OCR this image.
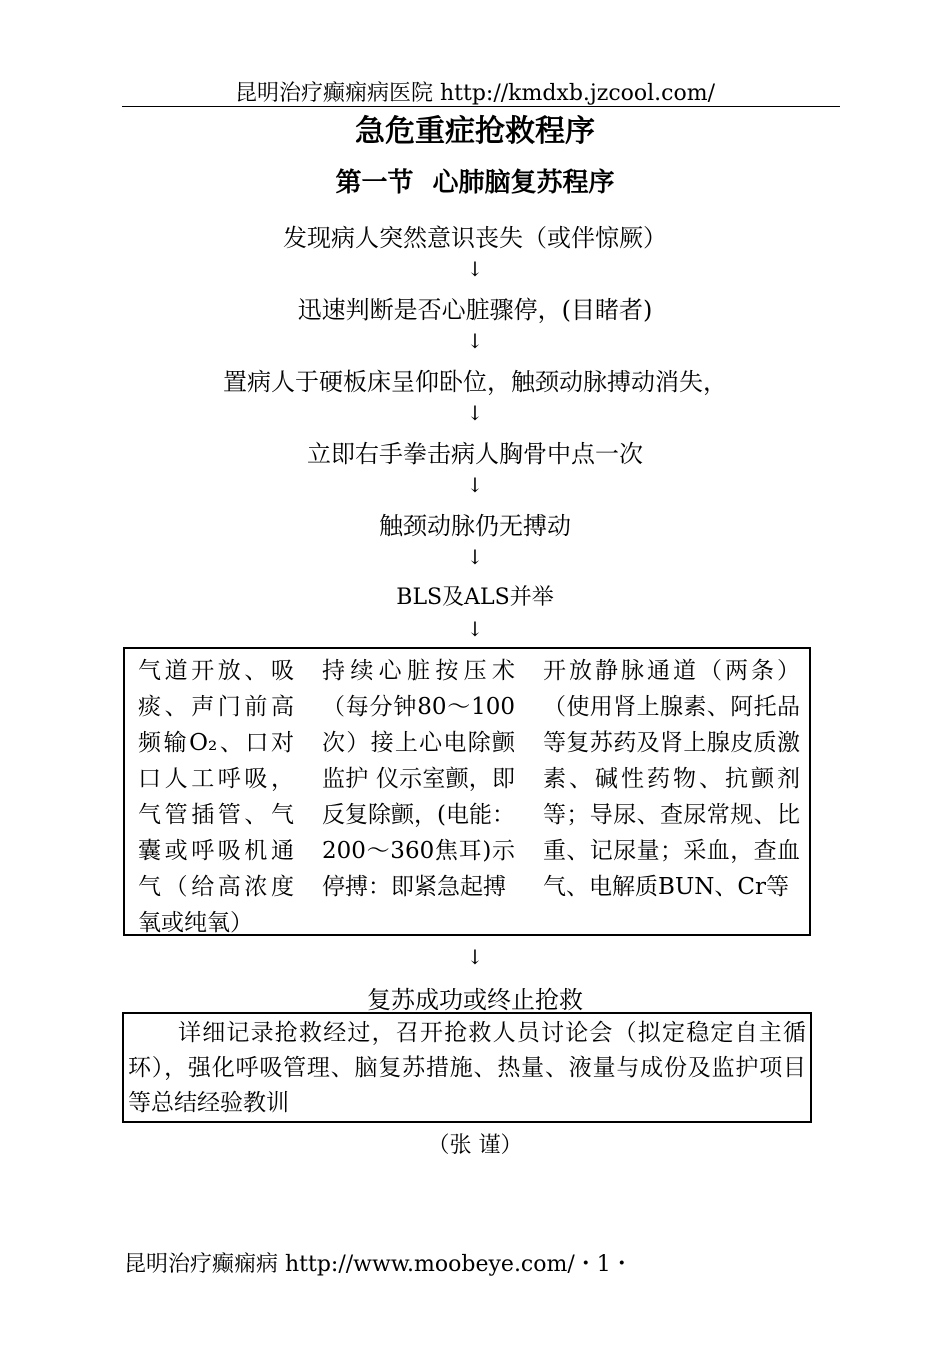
昆明治疗癫痫病医院 http://kmdxb.jzcool.com/
急危重症抢救程序
第一节 心肺脑复苏程序
发现病人突然意识丧失（或伴惊厥）
↓
迅速判断是否心脏骤停，(目睹者)
↓
置病人于硬板床呈仰卧位，触颈动脉搏动消失，
↓
立即右手拳击病人胸骨中点一次
↓
触颈动脉仍无搏动
↓
BLS及ALS并举
↓
气道开放、吸痰、声门前高频输O₂、口对口人工呼吸，气管插管、气囊或呼吸机通气（给高浓度氧或纯氧）
持续心脏按压术（每分钟80～100次）接上心电除颤监护 仪示室颤，即反复除颤，(电能：200～360焦耳)示停搏：即紧急起搏
开放静脉通道（两条）（使用肾上腺素、阿托品等复苏药及肾上腺皮质激素、碱性药物、抗颤剂等；导尿、查尿常规、比重、记尿量；采血，查血气、电解质BUN、Cr等
↓
复苏成功或终止抢救
详细记录抢救经过，召开抢救人员讨论会（拟定稳定自主循环），强化呼吸管理、脑复苏措施、热量、液量与成份及监护项目等总结经验教训
（张 谨）
昆明治疗癫痫病 http://www.moobeye.com/・1・
